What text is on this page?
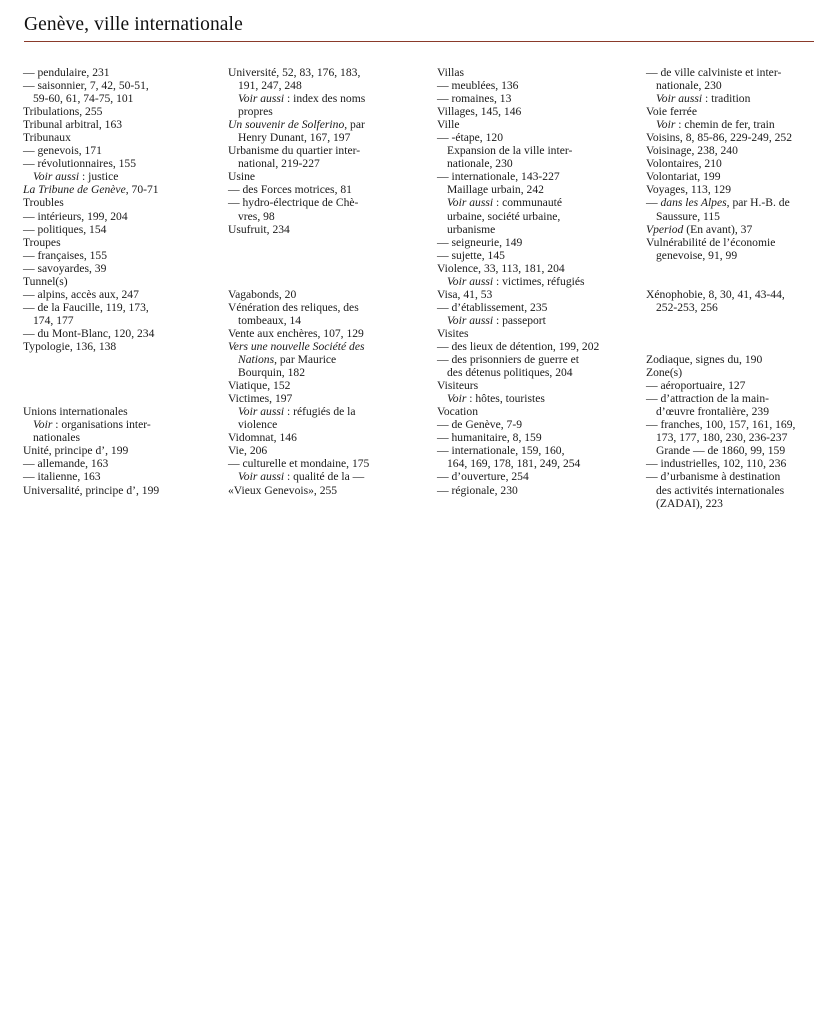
Genève, ville internationale
— pendulaire, 231
— saisonnier, 7, 42, 50-51,
59-60, 61, 74-75, 101
Tribulations, 255
Tribunal arbitral, 163
Tribunaux
— genevois, 171
— révolutionnaires, 155
Voir aussi : justice
La Tribune de Genève, 70-71
Troubles
— intérieurs, 199, 204
— politiques, 154
Troupes
— françaises, 155
— savoyardes, 39
Tunnel(s)
— alpins, accès aux, 247
— de la Faucille, 119, 173,
174, 177
— du Mont-Blanc, 120, 234
Typologie, 136, 138
Unions internationales
Voir : organisations inter-
nationales
Unité, principe d’, 199
— allemande, 163
— italienne, 163
Universalité, principe d’, 199
Université, 52, 83, 176, 183,
191, 247, 248
Voir aussi : index des noms
propres
Un souvenir de Solferino, par
Henry Dunant, 167, 197
Urbanisme du quartier inter-
national, 219-227
Usine
— des Forces motrices, 81
— hydro-électrique de Chè-
vres, 98
Usufruit, 234
Vagabonds, 20
Vénération des reliques, des
tombeaux, 14
Vente aux enchères, 107, 129
Vers une nouvelle Société des
Nations, par Maurice
Bourquin, 182
Viatique, 152
Victimes, 197
Voir aussi : réfugiés de la
violence
Vidomnat, 146
Vie, 206
— culturelle et mondaine, 175
Voir aussi : qualité de la —
«Vieux Genevois», 255
Villas
— meublées, 136
— romaines, 13
Villages, 145, 146
Ville
— -étape, 120
Expansion de la ville inter-
nationale, 230
— internationale, 143-227
Maillage urbain, 242
Voir aussi : communauté
urbaine, société urbaine,
urbanisme
— seigneurie, 149
— sujette, 145
Violence, 33, 113, 181, 204
Voir aussi : victimes, réfugiés
Visa, 41, 53
— d’établissement, 235
Voir aussi : passeport
Visites
— des lieux de détention, 199, 202
— des prisonniers de guerre et
des détenus politiques, 204
Visiteurs
Voir : hôtes, touristes
Vocation
— de Genève, 7-9
— humanitaire, 8, 159
— internationale, 159, 160,
164, 169, 178, 181, 249, 254
— d’ouverture, 254
— régionale, 230
— de ville calviniste et inter-
nationale, 230
Voir aussi : tradition
Voie ferrée
Voir : chemin de fer, train
Voisins, 8, 85-86, 229-249, 252
Voisinage, 238, 240
Volontaires, 210
Volontariat, 199
Voyages, 113, 129
— dans les Alpes, par H.-B. de
Saussure, 115
Vperiod (En avant), 37
Vulnérabilité de l’économie
genevoise, 91, 99
Xénophobie, 8, 30, 41, 43-44,
252-253, 256
Zodiaque, signes du, 190
Zone(s)
— aéroportuaire, 127
— d’attraction de la main-
d’œuvre frontalière, 239
— franches, 100, 157, 161, 169,
173, 177, 180, 230, 236-237
Grande — de 1860, 99, 159
— industrielles, 102, 110, 236
— d’urbanisme à destination
des activités internationales
(ZADAI), 223
